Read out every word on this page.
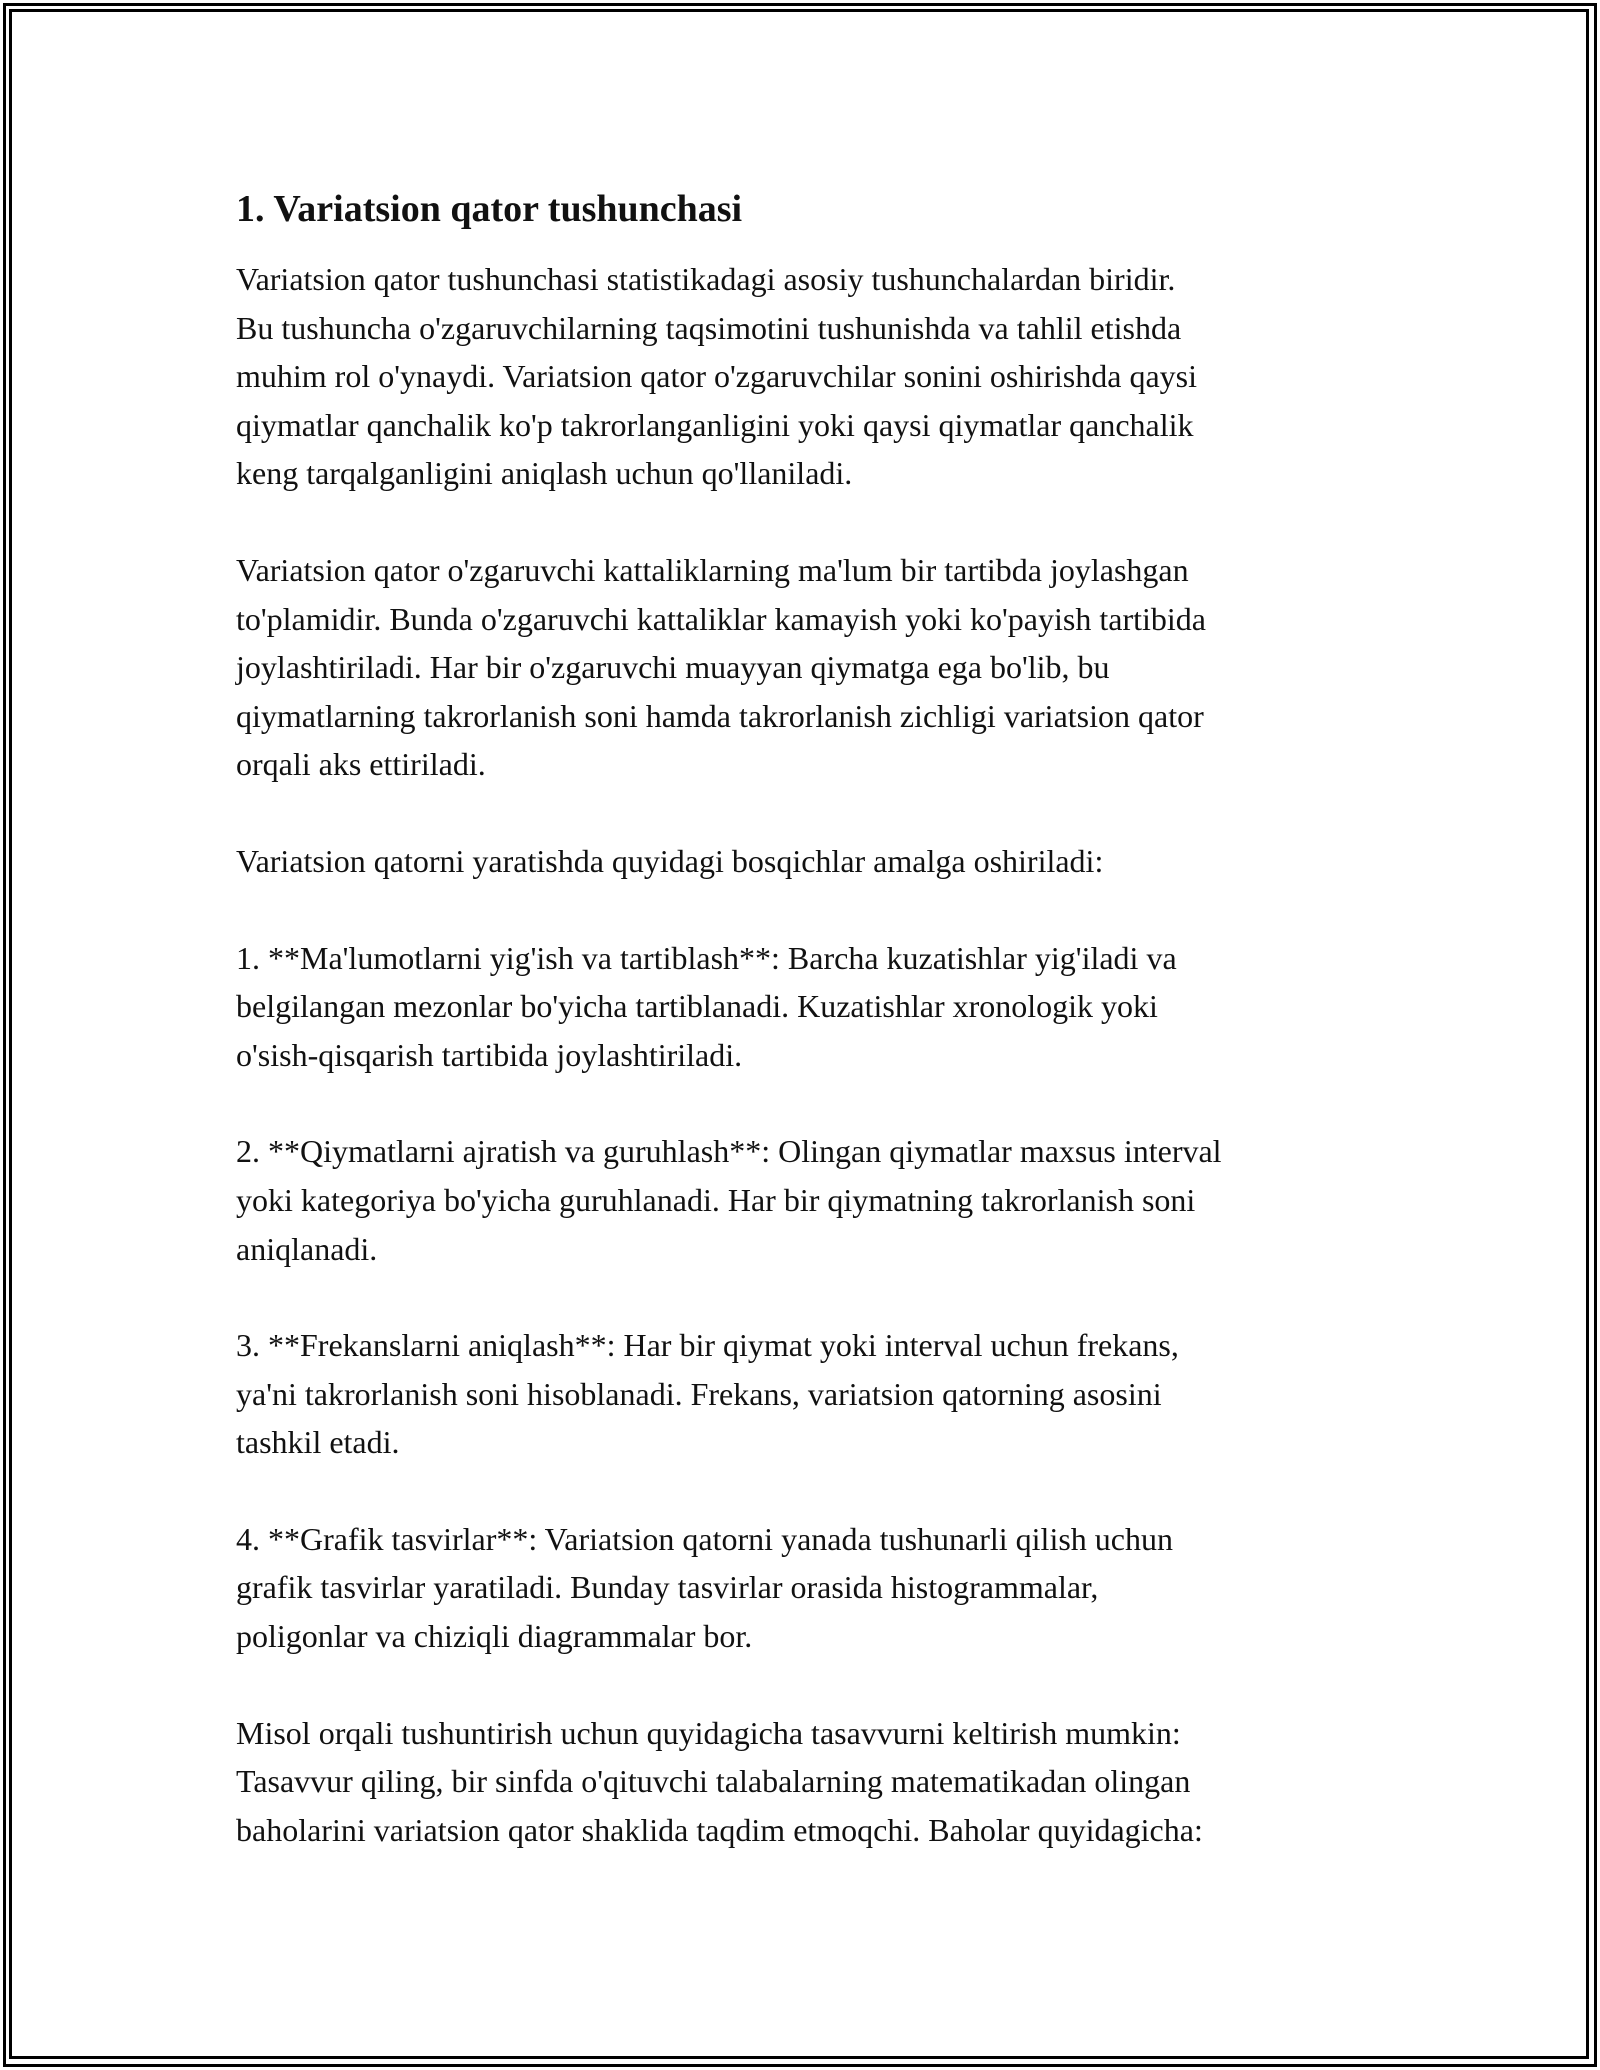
1. Variatsion qator tushunchasi

Variatsion qator tushunchasi statistikadagi asosiy tushunchalardan biridir.
Bu tushuncha o'zgaruvchilarning taqsimotini tushunishda va tahlil etishda
muhim rol o'ynaydi. Variatsion qator o'zgaruvchilar sonini oshirishda qaysi
qiymatlar qanchalik ko'p takrorlanganligini yoki qaysi qiymatlar qanchalik
keng tarqalganligini aniqlash uchun qo'llaniladi.

Variatsion qator o'zgaruvchi kattaliklarning ma'lum bir tartibda joylashgan
to'plamidir. Bunda o'zgaruvchi kattaliklar kamayish yoki ko'payish tartibida
joylashtiriladi. Har bir o'zgaruvchi muayyan qiymatga ega bo'lib, bu
qiymatlarning takrorlanish soni hamda takrorlanish zichligi variatsion qator
orqali aks ettiriladi.

Variatsion qatorni yaratishda quyidagi bosqichlar amalga oshiriladi:

1. **Ma'lumotlarni yig'ish va tartiblash**: Barcha kuzatishlar yig'iladi va
belgilangan mezonlar bo'yicha tartiblanadi. Kuzatishlar xronologik yoki
o'sish-qisqarish tartibida joylashtiriladi.

2. **Qiymatlarni ajratish va guruhlash**: Olingan qiymatlar maxsus interval
yoki kategoriya bo'yicha guruhlanadi. Har bir qiymatning takrorlanish soni
aniqlanadi.

3. **Frekanslarni aniqlash**: Har bir qiymat yoki interval uchun frekans,
ya'ni takrorlanish soni hisoblanadi. Frekans, variatsion qatorning asosini
tashkil etadi.

4. **Grafik tasvirlar**: Variatsion qatorni yanada tushunarli qilish uchun
grafik tasvirlar yaratiladi. Bunday tasvirlar orasida histogrammalar,
poligonlar va chiziqli diagrammalar bor.

Misol orqali tushuntirish uchun quyidagicha tasavvurni keltirish mumkin:
Tasavvur qiling, bir sinfda o'qituvchi talabalarning matematikadan olingan
baholarini variatsion qator shaklida taqdim etmoqchi. Baholar quyidagicha:
